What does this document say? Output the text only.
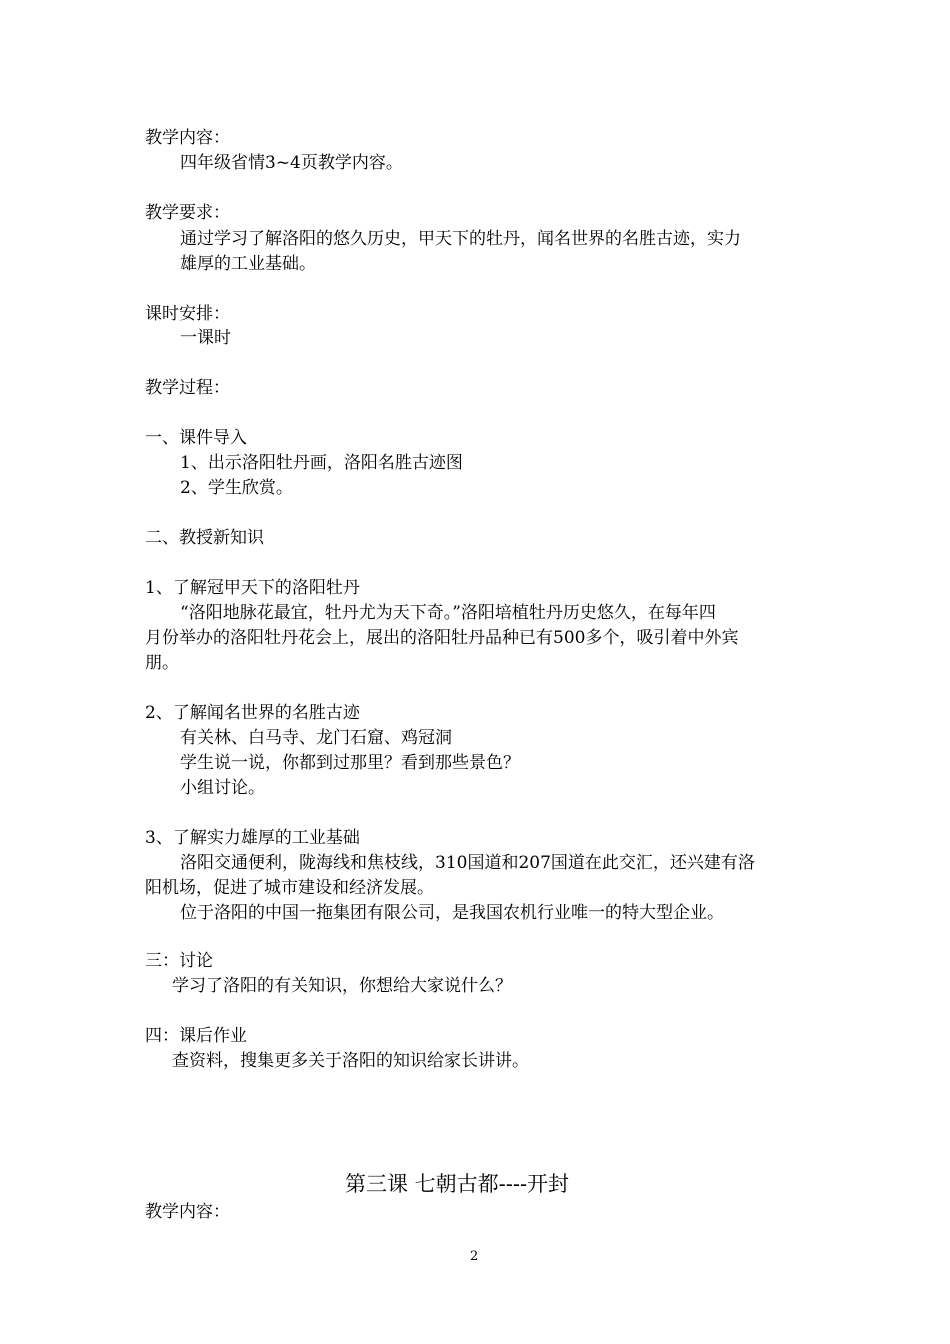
教学内容：
四年级省情3~4页教学内容。
教学要求：
通过学习了解洛阳的悠久历史，甲天下的牡丹，闻名世界的名胜古迹，实力
雄厚的工业基础。
课时安排：
一课时
教学过程：
一、课件导入
1、出示洛阳牡丹画，洛阳名胜古迹图
2、学生欣赏。
二、教授新知识
1、了解冠甲天下的洛阳牡丹
“洛阳地脉花最宜，牡丹尤为天下奇。”洛阳培植牡丹历史悠久，在每年四
月份举办的洛阳牡丹花会上，展出的洛阳牡丹品种已有500多个，吸引着中外宾
朋。
2、了解闻名世界的名胜古迹
有关林、白马寺、龙门石窟、鸡冠洞
学生说一说，你都到过那里？看到那些景色？
小组讨论。
3、了解实力雄厚的工业基础
洛阳交通便利，陇海线和焦枝线，310国道和207国道在此交汇，还兴建有洛
阳机场，促进了城市建设和经济发展。
位于洛阳的中国一拖集团有限公司，是我国农机行业唯一的特大型企业。
三：讨论
学习了洛阳的有关知识，你想给大家说什么？
四：课后作业
查资料，搜集更多关于洛阳的知识给家长讲讲。
第三课 七朝古都----开封
教学内容：
2
